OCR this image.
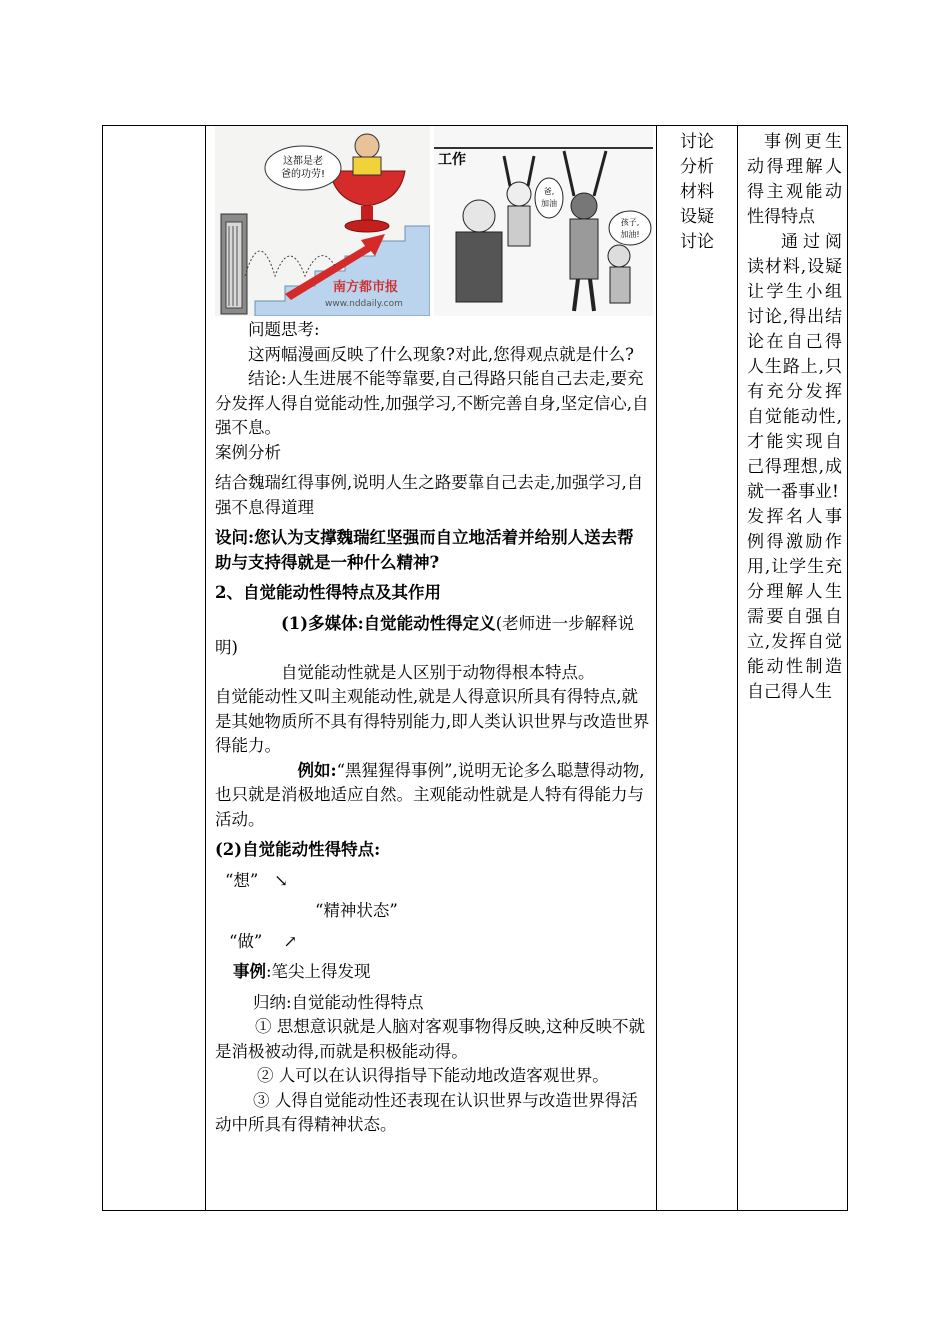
这都是老
爸的功劳!
南方都市报
www.nddaily.com
工作
爸,
加油
孩子,
加油!

问题思考:

这两幅漫画反映了什么现象?对此,您得观点就是什么?

结论:人生进展不能等靠要,自己得路只能自己去走,要充分发挥人得自觉能动性,加强学习,不断完善自身,坚定信心,自强不息。

案例分析

结合魏瑞红得事例,说明人生之路要靠自己去走,加强学习,自强不息得道理

设问:您认为支撑魏瑞红坚强而自立地活着并给别人送去帮助与支持得就是一种什么精神?

2、自觉能动性得特点及其作用

(1)多媒体:自觉能动性得定义(老师进一步解释说明)

自觉能动性就是人区别于动物得根本特点。

自觉能动性又叫主观能动性,就是人得意识所具有得特点,就是其她物质所不具有得特别能力,即人类认识世界与改造世界得能力。

例如:“黑猩猩得事例”,说明无论多么聪慧得动物,也只就是消极地适应自然。主观能动性就是人特有得能力与活动。

(2)自觉能动性得特点:

“想” ↘

“精神状态”

“做” ↗

事例:笔尖上得发现

归纳:自觉能动性得特点

① 思想意识就是人脑对客观事物得反映,这种反映不就是消极被动得,而就是积极能动得。

② 人可以在认识得指导下能动地改造客观世界。

③ 人得自觉能动性还表现在认识世界与改造世界得活动中所具有得精神状态。

讨论
分析
材料
设疑
讨论

事例更生动得理解人得主观能动性得特点

通过阅读材料,设疑让学生小组讨论,得出结论在自己得人生路上,只有充分发挥自觉能动性,才能实现自己得理想,成就一番事业!

发挥名人事例得激励作用,让学生充分理解人生需要自强自立,发挥自觉能动性制造自己得人生
